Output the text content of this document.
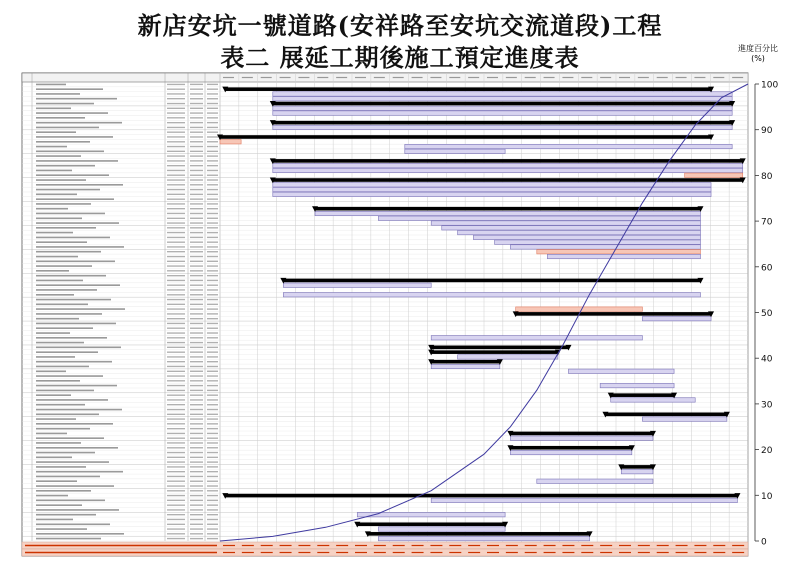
新店安坑一號道路(安祥路至安坑交流道段)工程
表二 展延工期後施工預定進度表	進度百分比
(%)
0
10
20
30
40
50
60
70
80
90
100
